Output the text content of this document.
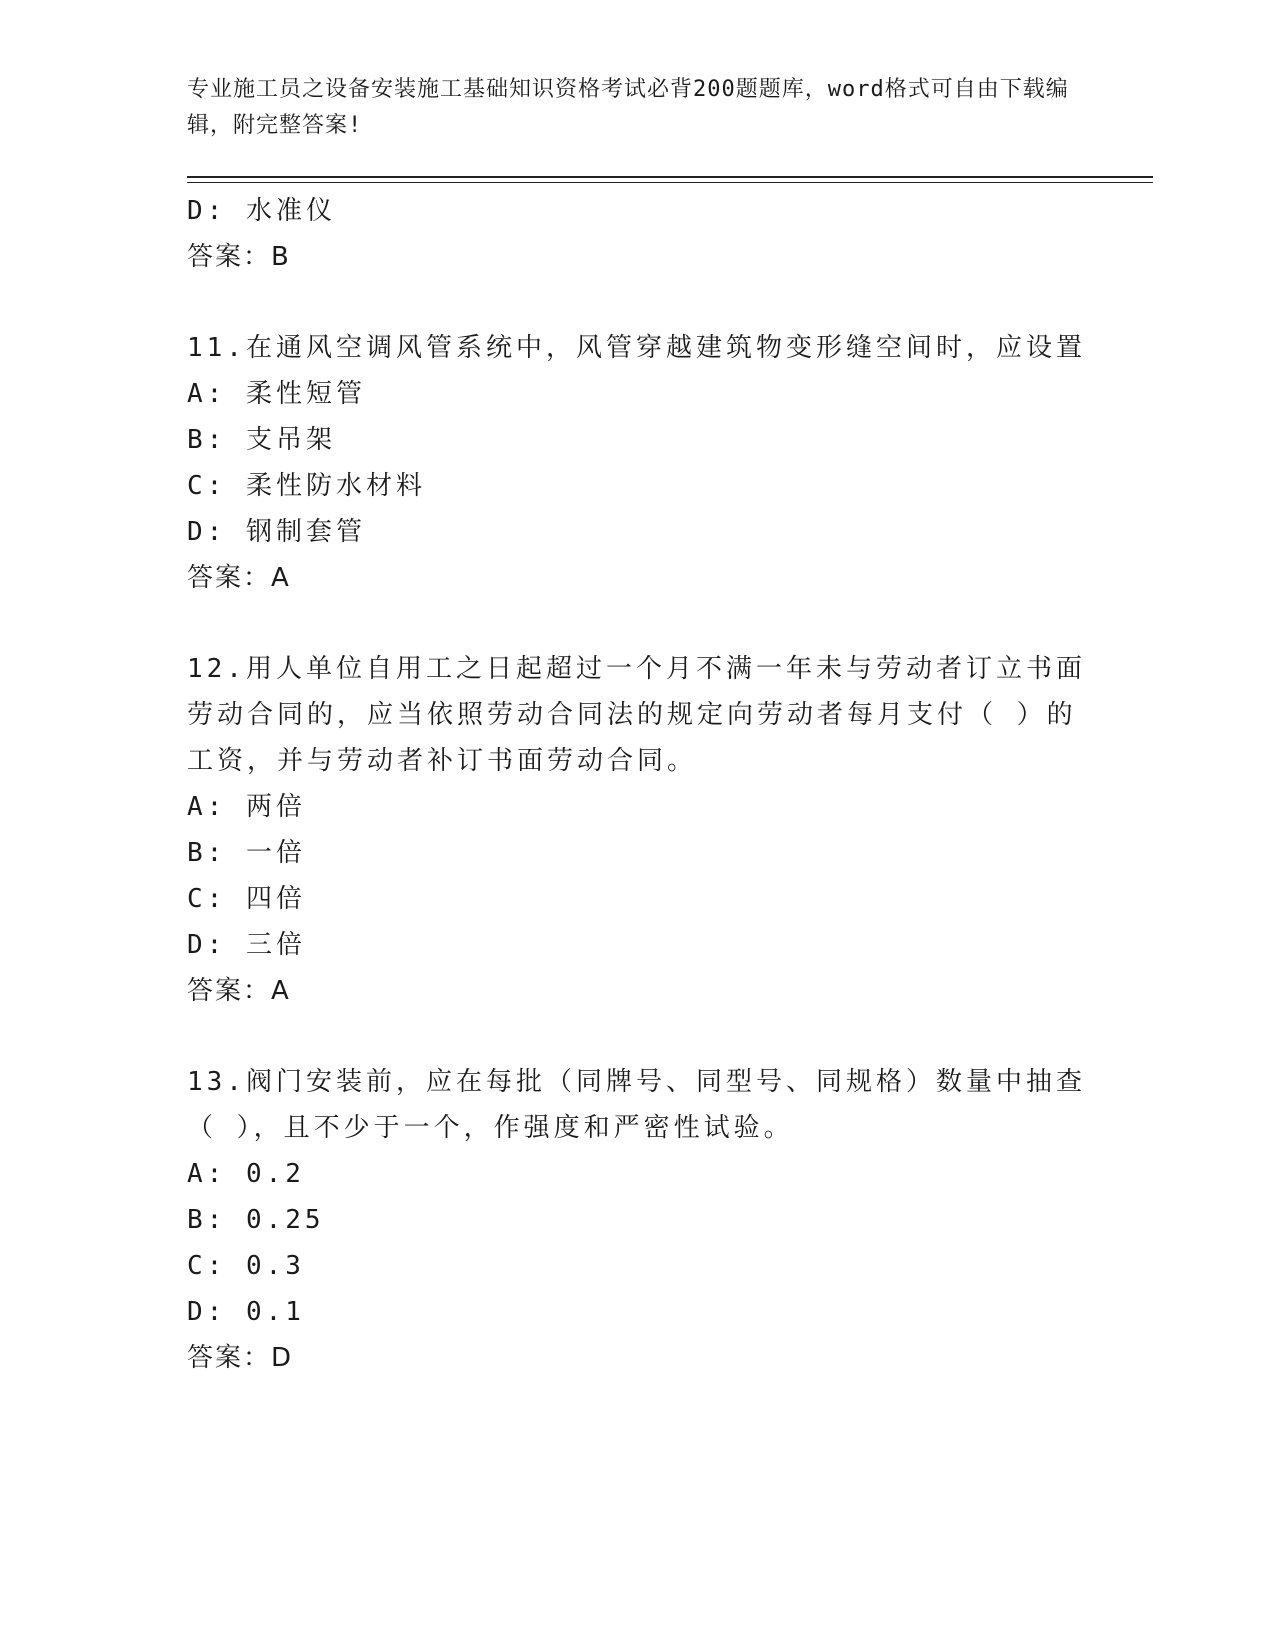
专业施工员之设备安装施工基础知识资格考试必背200题题库，word格式可自由下载编辑，附完整答案!
D: 水准仪
答案：B
11.在通风空调风管系统中，风管穿越建筑物变形缝空间时，应设置
A: 柔性短管
B: 支吊架
C: 柔性防水材料
D: 钢制套管
答案：A
12.用人单位自用工之日起超过一个月不满一年未与劳动者订立书面劳动合同的，应当依照劳动合同法的规定向劳动者每月支付（ ）的工资，并与劳动者补订书面劳动合同。
A: 两倍
B: 一倍
C: 四倍
D: 三倍
答案：A
13.阀门安装前，应在每批（同牌号、同型号、同规格）数量中抽查（ ），且不少于一个，作强度和严密性试验。
A: 0.2
B: 0.25
C: 0.3
D: 0.1
答案：D
